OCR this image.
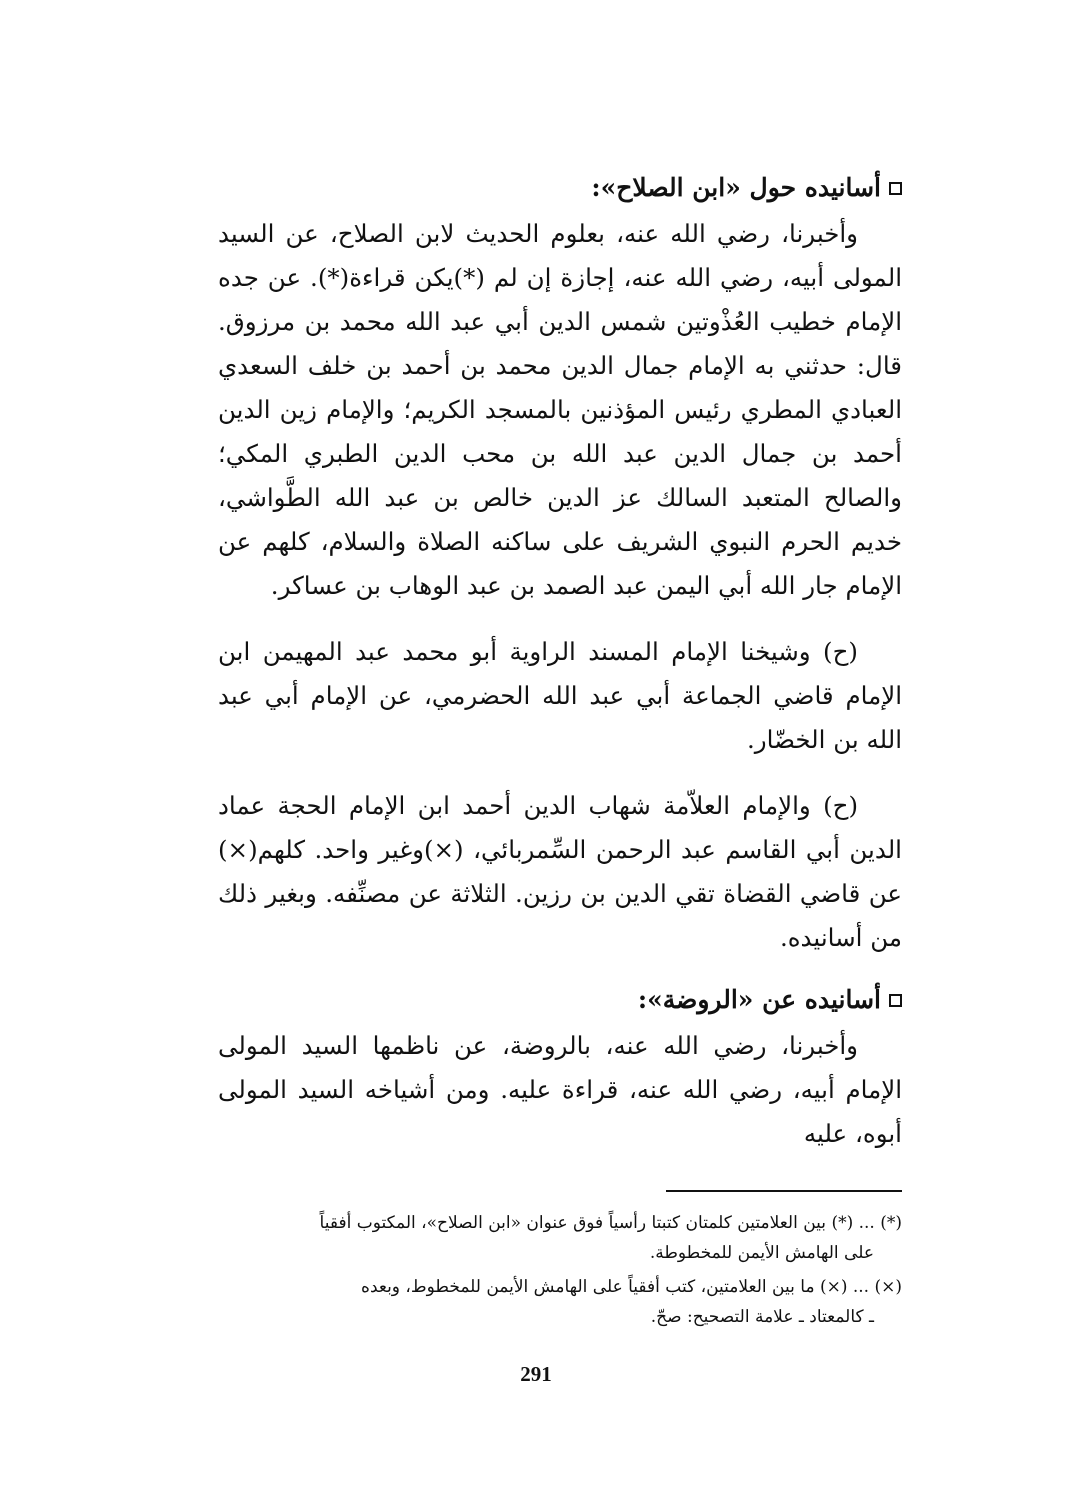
أسانيده حول «ابن الصلاح»:

وأخبرنا، رضي الله عنه، بعلوم الحديث لابن الصلاح، عن السيد المولى أبيه، رضي الله عنه، إجازة إن لم (*)يكن قراءة(*). عن جده الإمام خطيب العُذْوتين شمس الدين أبي عبد الله محمد بن مرزوق. قال: حدثني به الإمام جمال الدين محمد بن أحمد بن خلف السعدي العبادي المطري رئيس المؤذنين بالمسجد الكريم؛ والإمام زين الدين أحمد بن جمال الدين عبد الله بن محب الدين الطبري المكي؛ والصالح المتعبد السالك عز الدين خالص بن عبد الله الطَّواشي، خديم الحرم النبوي الشريف على ساكنه الصلاة والسلام، كلهم عن الإمام جار الله أبي اليمن عبد الصمد بن عبد الوهاب بن عساكر.

(ح) وشيخنا الإمام المسند الراوية أبو محمد عبد المهيمن ابن الإمام قاضي الجماعة أبي عبد الله الحضرمي، عن الإمام أبي عبد الله بن الخضّار.

(ح) والإمام العلاّمة شهاب الدين أحمد ابن الإمام الحجة عماد الدين أبي القاسم عبد الرحمن السِّمربائي، (×)وغير واحد. كلهم(×) عن قاضي القضاة تقي الدين بن رزين. الثلاثة عن مصنِّفه. وبغير ذلك من أسانيده.

أسانيده عن «الروضة»:

وأخبرنا، رضي الله عنه، بالروضة، عن ناظمها السيد المولى الإمام أبيه، رضي الله عنه، قراءة عليه. ومن أشياخه السيد المولى أبوه، عليه

(*) ... (*) بين العلامتين كلمتان كتبتا رأسياً فوق عنوان «ابن الصلاح»، المكتوب أفقياً
على الهامش الأيمن للمخطوطة.

(×) ... (×) ما بين العلامتين، كتب أفقياً على الهامش الأيمن للمخطوط، وبعده
ـ كالمعتاد ـ علامة التصحيح: صحّ.

291
